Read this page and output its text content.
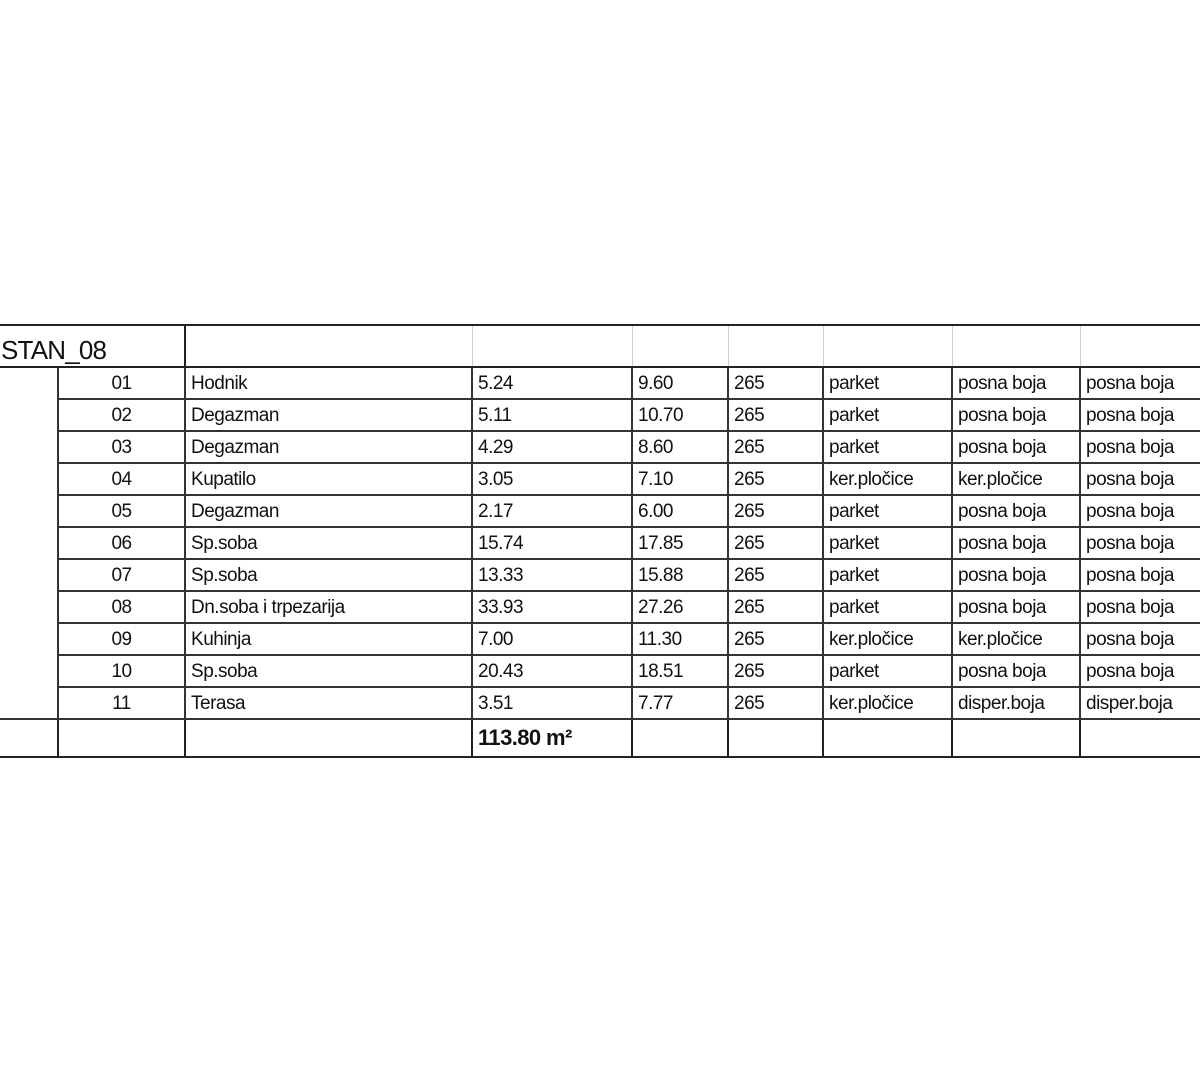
STAN_08								
	01	Hodnik	5.24	9.60	265	parket	posna boja	posna boja
	02	Degazman	5.11	10.70	265	parket	posna boja	posna boja
	03	Degazman	4.29	8.60	265	parket	posna boja	posna boja
	04	Kupatilo	3.05	7.10	265	ker.pločice	ker.pločice	posna boja
	05	Degazman	2.17	6.00	265	parket	posna boja	posna boja
	06	Sp.soba	15.74	17.85	265	parket	posna boja	posna boja
	07	Sp.soba	13.33	15.88	265	parket	posna boja	posna boja
	08	Dn.soba i trpezarija	33.93	27.26	265	parket	posna boja	posna boja
	09	Kuhinja	7.00	11.30	265	ker.pločice	ker.pločice	posna boja
	10	Sp.soba	20.43	18.51	265	parket	posna boja	posna boja
	11	Terasa	3.51	7.77	265	ker.pločice	disper.boja	disper.boja
			113.80 m²					
